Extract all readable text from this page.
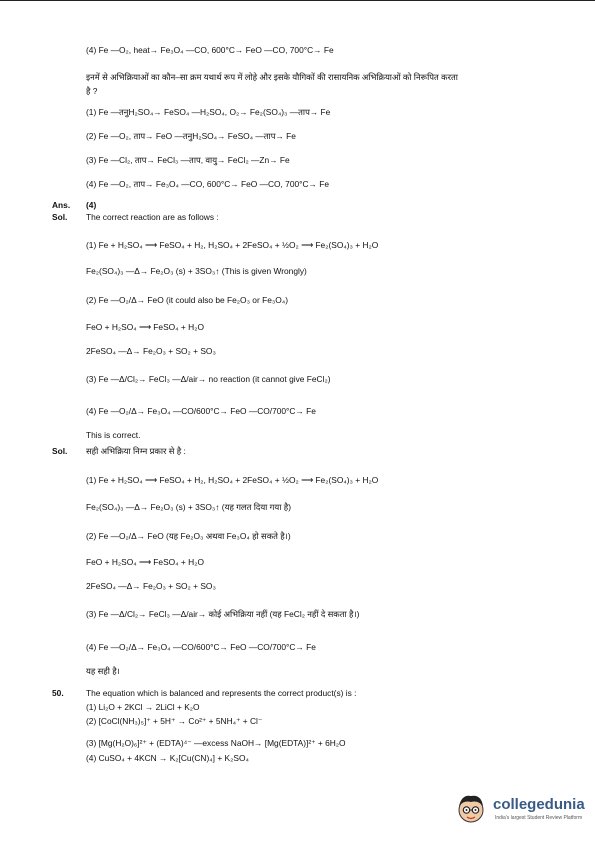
(4) Fe —O₂, heat→ Fe₃O₄ —CO, 600°C→ FeO —CO, 700°C→ Fe
इनमें से अभिक्रियाओं का कौन–सा क्रम यथार्थ रूप में लोहे और इसके यौगिकों की रासायनिक अभिक्रियाओं को निरूपित करता
है ?
(1) Fe —तनुH₂SO₄→ FeSO₄ —H₂SO₄, O₂→ Fe₂(SO₄)₃ —ताप→ Fe
(2) Fe —O₂, ताप→ FeO —तनुH₂SO₄→ FeSO₄ —ताप→ Fe
(3) Fe —Cl₂, ताप→ FeCl₃ —ताप, वायु→ FeCl₂ —Zn→ Fe
(4) Fe —O₂, ताप→ Fe₃O₄ —CO, 600°C→ FeO —CO, 700°C→ Fe
Ans. (4)
Sol. The correct reaction are as follows :
(1) Fe + H₂SO₄ ⟶ FeSO₄ + H₂, H₂SO₄ + 2FeSO₄ + ½O₂ ⟶ Fe₂(SO₄)₃ + H₂O
Fe₂(SO₄)₃ —Δ→ Fe₂O₃ (s) + 3SO₃↑ (This is given Wrongly)
(2) Fe —O₂/Δ→ FeO (it could also be Fe₂O₃ or Fe₃O₄)
FeO + H₂SO₄ ⟶ FeSO₄ + H₂O
2FeSO₄ —Δ→ Fe₂O₃ + SO₂ + SO₃
(3) Fe —Δ/Cl₂→ FeCl₃ —Δ/air→ no reaction (it cannot give FeCl₂)
(4) Fe —O₂/Δ→ Fe₃O₄ —CO/600°C→ FeO —CO/700°C→ Fe
This is correct.
Sol. सही अभिक्रिया निम्न प्रकार से है :
(1) Fe + H₂SO₄ ⟶ FeSO₄ + H₂, H₂SO₄ + 2FeSO₄ + ½O₂ ⟶ Fe₂(SO₄)₃ + H₂O
Fe₂(SO₄)₃ —Δ→ Fe₂O₃ (s) + 3SO₃↑ (यह गलत दिया गया है)
(2) Fe —O₂/Δ→ FeO (यह Fe₂O₃ अथवा Fe₃O₄ हो सकते है।)
FeO + H₂SO₄ ⟶ FeSO₄ + H₂O
2FeSO₄ —Δ→ Fe₂O₃ + SO₂ + SO₃
(3) Fe —Δ/Cl₂→ FeCl₃ —Δ/air→ कोई अभिक्रिया नहीं (यह FeCl₂ नहीं दे सकता है।)
(4) Fe —O₂/Δ→ Fe₃O₄ —CO/600°C→ FeO —CO/700°C→ Fe
यह सही है।
50.	The equation which is balanced and represents the correct product(s) is :
(1) Li₂O + 2KCl → 2LiCl + K₂O
(2) [CoCl(NH₃)₅]⁺ + 5H⁺ → Co²⁺ + 5NH₄⁺ + Cl⁻
(3) [Mg(H₂O)₆]²⁺ + (EDTA)⁴⁻ —excess NaOH→ [Mg(EDTA)]²⁺ + 6H₂O
(4) CuSO₄ + 4KCN → K₂[Cu(CN)₄] + K₂SO₄
collegedunia
India's largest Student Review Platform
